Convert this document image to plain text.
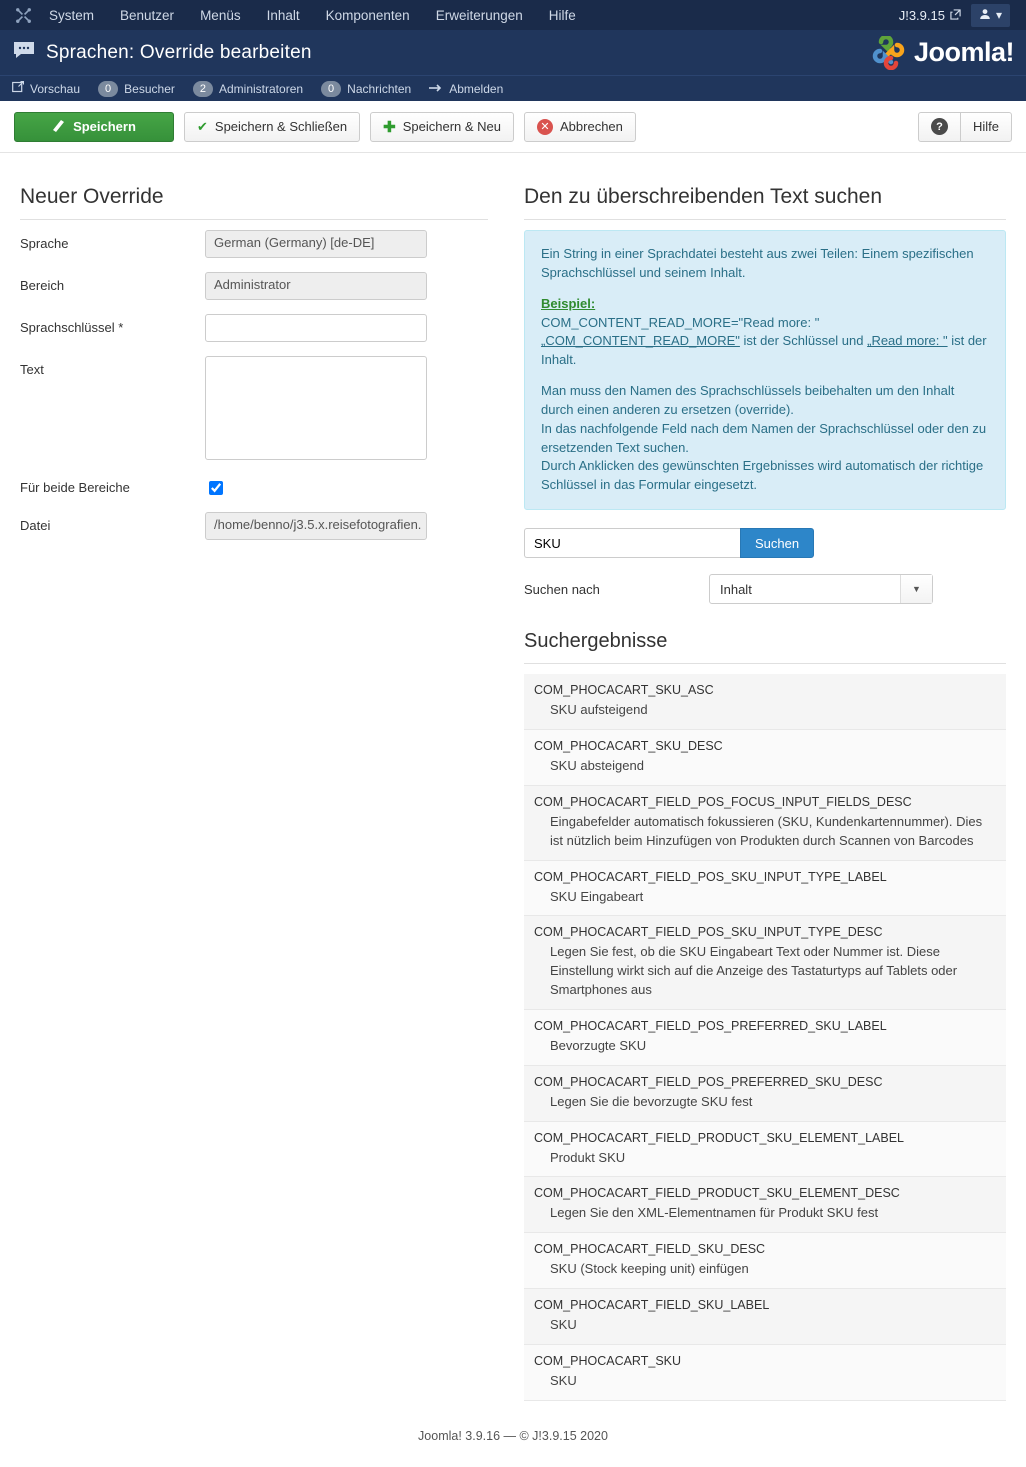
System	Benutzer	Menüs	Inhalt	Komponenten	Erweiterungen	Hilfe	J!3.9.15	▾
Sprachen: Override bearbeiten	Joomla!
Vorschau	0	Besucher	2	Administratoren	0	Nachrichten	Abmelden
Speichern	✔ Speichern & Schließen ✚ Speichern & Neu	✕ Abbrechen	?	Hilfe
Neuer Override
Sprache	German (Germany) [de-DE]
Bereich	Administrator
Sprachschlüssel *
Text
Für beide Bereiche
Datei	/home/benno/j3.5.x.reisefotografien.
Den zu überschreibenden Text suchen

Ein String in einer Sprachdatei besteht aus zwei Teilen: Einem spezifischen Sprachschlüssel und seinem Inhalt.

Beispiel:
COM_CONTENT_READ_MORE="Read more: "
„COM_CONTENT_READ_MORE" ist der Schlüssel und „Read more: " ist der Inhalt.

Man muss den Namen des Sprachschlüssels beibehalten um den Inhalt durch einen anderen zu ersetzen (override).
In das nachfolgende Feld nach dem Namen der Sprachschlüssel oder den zu ersetzenden Text suchen.
Durch Anklicken des gewünschten Ergebnisses wird automatisch der richtige Schlüssel in das Formular eingesetzt.

SKU
Suchen
Suchen nach	Inhalt	▼
Suchergebnisse
COM_PHOCACART_SKU_ASC
SKU aufsteigend
COM_PHOCACART_SKU_DESC
SKU absteigend
COM_PHOCACART_FIELD_POS_FOCUS_INPUT_FIELDS_DESC
Eingabefelder automatisch fokussieren (SKU, Kundenkartennummer). Dies ist nützlich beim Hinzufügen von Produkten durch Scannen von Barcodes
COM_PHOCACART_FIELD_POS_SKU_INPUT_TYPE_LABEL
SKU Eingabeart
COM_PHOCACART_FIELD_POS_SKU_INPUT_TYPE_DESC
Legen Sie fest, ob die SKU Eingabeart Text oder Nummer ist. Diese Einstellung wirkt sich auf die Anzeige des Tastaturtyps auf Tablets oder Smartphones aus
COM_PHOCACART_FIELD_POS_PREFERRED_SKU_LABEL
Bevorzugte SKU
COM_PHOCACART_FIELD_POS_PREFERRED_SKU_DESC
Legen Sie die bevorzugte SKU fest
COM_PHOCACART_FIELD_PRODUCT_SKU_ELEMENT_LABEL
Produkt SKU
COM_PHOCACART_FIELD_PRODUCT_SKU_ELEMENT_DESC
Legen Sie den XML-Elementnamen für Produkt SKU fest
COM_PHOCACART_FIELD_SKU_DESC
SKU (Stock keeping unit) einfügen
COM_PHOCACART_FIELD_SKU_LABEL
SKU
COM_PHOCACART_SKU
SKU
Joomla! 3.9.16 — © J!3.9.15 2020
